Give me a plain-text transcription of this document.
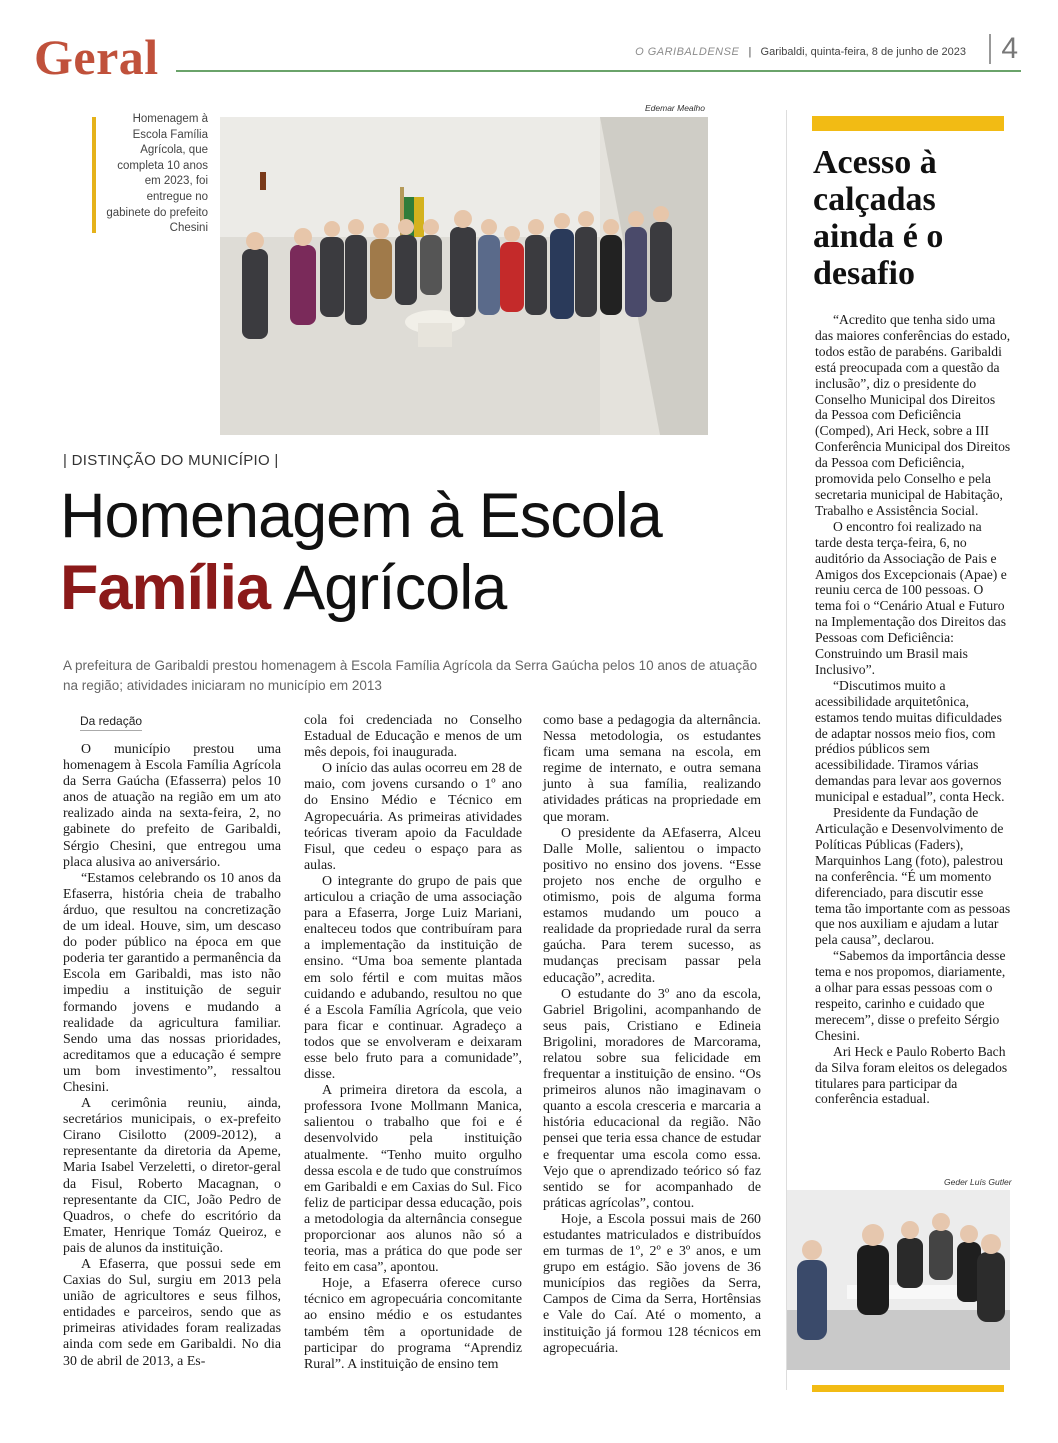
Geral	O GARIBALDENSE   |   Garibaldi, quinta-feira, 8 de junho de 2023	4
Homenagem à Escola Família Agrícola, que completa 10 anos em 2023, foi entregue no gabinete do prefeito Chesini
Edemar Mealho
| DISTINÇÃO DO MUNICÍPIO |
Homenagem à Escola
Família Agrícola
A prefeitura de Garibaldi prestou homenagem à Escola Família Agrícola da Serra Gaúcha pelos 10 anos de atuação na região; atividades iniciaram no município em 2013
Da redação

O município prestou uma homenagem à Escola Família Agrícola da Serra Gaúcha (Efasserra) pelos 10 anos de atuação na região em um ato realizado ainda na sexta-feira, 2, no gabinete do prefeito de Garibaldi, Sérgio Chesini, que entregou uma placa alusiva ao aniversário.

“Estamos celebrando os 10 anos da Efaserra, história cheia de trabalho árduo, que resultou na concretização de um ideal. Houve, sim, um descaso do poder público na época em que poderia ter garantido a permanência da Escola em Garibaldi, mas isto não impediu a instituição de seguir formando jovens e mudando a realidade da agricultura familiar. Sendo uma das nossas prioridades, acreditamos que a educação é sempre um bom investimento”, ressaltou Chesini.

A cerimônia reuniu, ainda, secretários municipais, o ex-prefeito Cirano Cisilotto (2009-2012), a representante da diretoria da Apeme, Maria Isabel Verzeletti, o diretor-geral da Fisul, Roberto Macagnan, o representante da CIC, João Pedro de Quadros, o chefe do escritório da Emater, Henrique Tomáz Queiroz, e pais de alunos da instituição.

A Efaserra, que possui sede em Caxias do Sul, surgiu em 2013 pela união de agricultores e seus filhos, entidades e parceiros, sendo que as primeiras atividades foram realizadas ainda com sede em Garibaldi. No dia 30 de abril de 2013, a Es-

cola foi credenciada no Conselho Estadual de Educação e menos de um mês depois, foi inaugurada.

O início das aulas ocorreu em 28 de maio, com jovens cursando o 1º ano do Ensino Médio e Técnico em Agropecuária. As primeiras atividades teóricas tiveram apoio da Faculdade Fisul, que cedeu o espaço para as aulas.

O integrante do grupo de pais que articulou a criação de uma associação para a Efaserra, Jorge Luiz Mariani, enalteceu todos que contribuíram para a implementação da instituição de ensino. “Uma boa semente plantada em solo fértil e com muitas mãos cuidando e adubando, resultou no que é a Escola Família Agrícola, que veio para ficar e continuar. Agradeço a todos que se envolveram e deixaram esse belo fruto para a comunidade”, disse.

A primeira diretora da escola, a professora Ivone Mollmann Manica, salientou o trabalho que foi e é desenvolvido pela instituição atualmente. “Tenho muito orgulho dessa escola e de tudo que construímos em Garibaldi e em Caxias do Sul. Fico feliz de participar dessa educação, pois a metodologia da alternância consegue proporcionar aos alunos não só a teoria, mas a prática do que pode ser feito em casa”, apontou.

Hoje, a Efaserra oferece curso técnico em agropecuária concomitante ao ensino médio e os estudantes também têm a oportunidade de participar do programa “Aprendiz Rural”. A instituição de ensino tem

como base a pedagogia da alternância. Nessa metodologia, os estudantes ficam uma semana na escola, em regime de internato, e outra semana junto à sua família, realizando atividades práticas na propriedade em que moram.

O presidente da AEfaserra, Alceu Dalle Molle, salientou o impacto positivo no ensino dos jovens. “Esse projeto nos enche de orgulho e otimismo, pois de alguma forma estamos mudando um pouco a realidade da propriedade rural da serra gaúcha. Para terem sucesso, as mudanças precisam passar pela educação”, acredita.

O estudante do 3º ano da escola, Gabriel Brigolini, acompanhando de seus pais, Cristiano e Edineia Brigolini, moradores de Marcorama, relatou sobre sua felicidade em frequentar a instituição de ensino. “Os primeiros alunos não imaginavam o quanto a escola cresceria e marcaria a história educacional da região. Não pensei que teria essa chance de estudar e frequentar uma escola como essa. Vejo que o aprendizado teórico só faz sentido se for acompanhado de práticas agrícolas”, contou.

Hoje, a Escola possui mais de 260 estudantes matriculados e distribuídos em turmas de 1º, 2º e 3º anos, e um grupo em estágio. São jovens de 36 municípios das regiões da Serra, Campos de Cima da Serra, Hortênsias e Vale do Caí. Até o momento, a instituição já formou 128 técnicos em agropecuária.

Acesso à calçadas ainda é o desafio

“Acredito que tenha sido uma das maiores conferências do estado, todos estão de parabéns. Garibaldi está preocupada com a questão da inclusão”, diz o presidente do Conselho Municipal dos Direitos da Pessoa com Deficiência (Comped), Ari Heck, sobre a III Conferência Municipal dos Direitos da Pessoa com Deficiência, promovida pelo Conselho e pela secretaria municipal de Habitação, Trabalho e Assistência Social.

O encontro foi realizado na tarde desta terça-feira, 6, no auditório da Associação de Pais e Amigos dos Excepcionais (Apae) e reuniu cerca de 100 pessoas. O tema foi o “Cenário Atual e Futuro na Implementação dos Direitos das Pessoas com Deficiência: Construindo um Brasil mais Inclusivo”.

“Discutimos muito a acessibilidade arquitetônica, estamos tendo muitas dificuldades de adaptar nossos meio fios, com prédios públicos sem acessibilidade. Tiramos várias demandas para levar aos governos municipal e estadual”, conta Heck.

Presidente da Fundação de Articulação e Desenvolvimento de Políticas Públicas (Faders), Marquinhos Lang (foto), palestrou na conferência. “É um momento diferenciado, para discutir esse tema tão importante com as pessoas que nos auxiliam e ajudam a lutar pela causa”, declarou.

“Sabemos da importância desse tema e nos propomos, diariamente, a olhar para essas pessoas com o respeito, carinho e cuidado que merecem”, disse o prefeito Sérgio Chesini.

Ari Heck e Paulo Roberto Bach da Silva foram eleitos os delegados titulares para participar da conferência estadual.

Geder Luís Gutler
